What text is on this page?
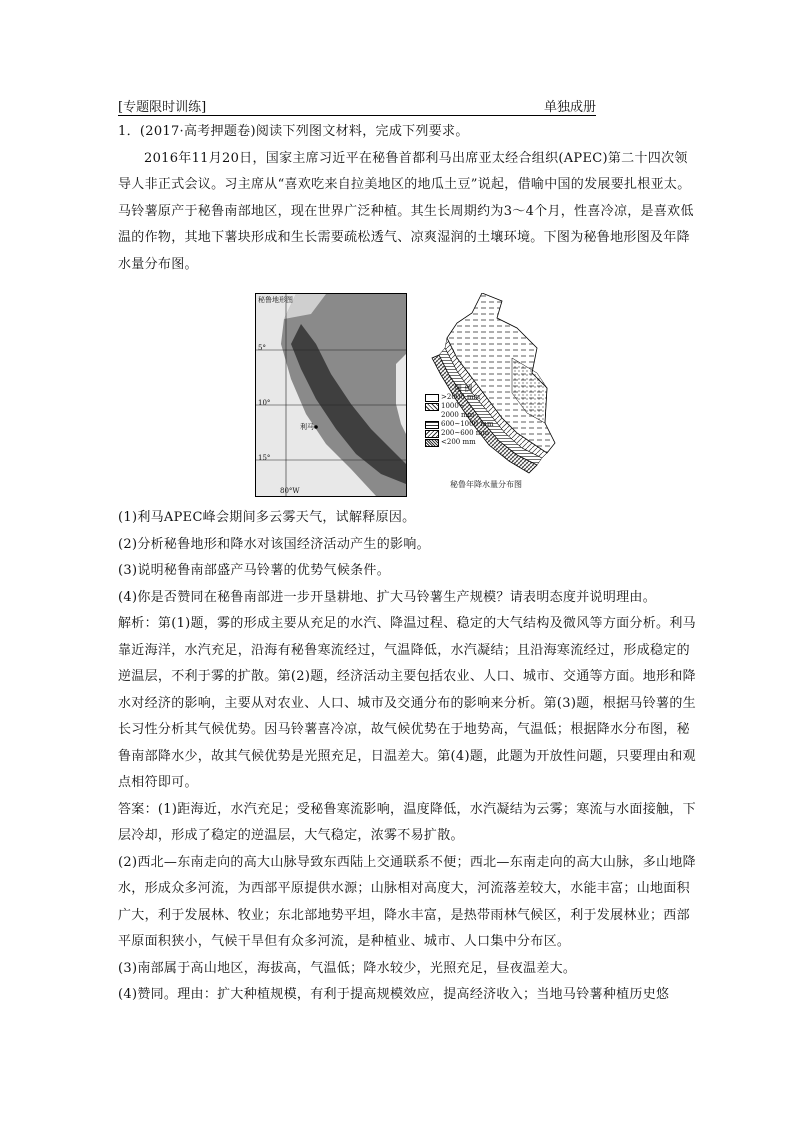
[专题限时训练]	单独成册

1．(2017·高考押题卷)阅读下列图文材料，完成下列要求。

2016年11月20日，国家主席习近平在秘鲁首都利马出席亚太经合组织(APEC)第二十四次领导人非正式会议。习主席从“喜欢吃来自拉美地区的地瓜土豆”说起，借喻中国的发展要扎根亚太。马铃薯原产于秘鲁南部地区，现在世界广泛种植。其生长周期约为3～4个月，性喜冷凉，是喜欢低温的作物，其地下薯块形成和生长需要疏松透气、凉爽湿润的土壤环境。下图为秘鲁地形图及年降水量分布图。

秘鲁地形图
5°
10°
15°
80°W
利马
图 例
>2000 mm
1000~
2000 mm
600~1000 mm
200~600 mm
<200 mm
秘鲁年降水量分布图

(1)利马APEC峰会期间多云雾天气，试解释原因。

(2)分析秘鲁地形和降水对该国经济活动产生的影响。

(3)说明秘鲁南部盛产马铃薯的优势气候条件。

(4)你是否赞同在秘鲁南部进一步开垦耕地、扩大马铃薯生产规模？请表明态度并说明理由。

解析：第(1)题，雾的形成主要从充足的水汽、降温过程、稳定的大气结构及微风等方面分析。利马靠近海洋，水汽充足，沿海有秘鲁寒流经过，气温降低，水汽凝结；且沿海寒流经过，形成稳定的逆温层，不利于雾的扩散。第(2)题，经济活动主要包括农业、人口、城市、交通等方面。地形和降水对经济的影响，主要从对农业、人口、城市及交通分布的影响来分析。第(3)题，根据马铃薯的生长习性分析其气候优势。因马铃薯喜冷凉，故气候优势在于地势高，气温低；根据降水分布图，秘鲁南部降水少，故其气候优势是光照充足，日温差大。第(4)题，此题为开放性问题，只要理由和观点相符即可。

答案：(1)距海近，水汽充足；受秘鲁寒流影响，温度降低，水汽凝结为云雾；寒流与水面接触，下层冷却，形成了稳定的逆温层，大气稳定，浓雾不易扩散。

(2)西北—东南走向的高大山脉导致东西陆上交通联系不便；西北—东南走向的高大山脉，多山地降水，形成众多河流，为西部平原提供水源；山脉相对高度大，河流落差较大，水能丰富；山地面积广大，利于发展林、牧业；东北部地势平坦，降水丰富，是热带雨林气候区，利于发展林业；西部平原面积狭小，气候干旱但有众多河流，是种植业、城市、人口集中分布区。

(3)南部属于高山地区，海拔高，气温低；降水较少，光照充足，昼夜温差大。

(4)赞同。理由：扩大种植规模，有利于提高规模效应，提高经济收入；当地马铃薯种植历史悠
